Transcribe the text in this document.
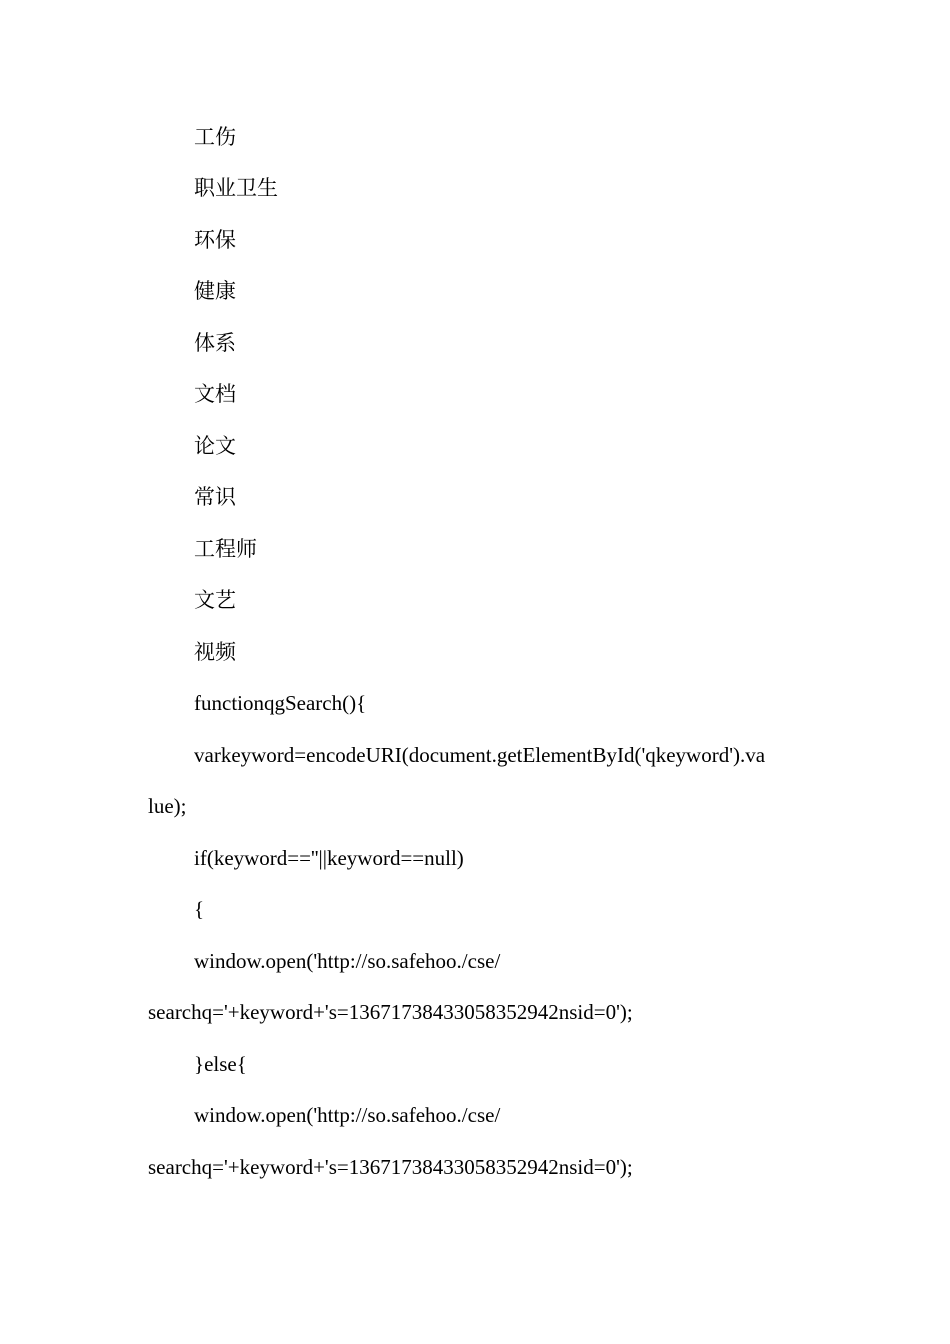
工伤
职业卫生
环保
健康
体系
文档
论文
常识
工程师
文艺
视频
functionqgSearch(){
varkeyword=encodeURI(document.getElementById('qkeyword').va
lue);
if(keyword==''||keyword==null)
{
window.open('http://so.safehoo./cse/
searchq='+keyword+'s=13671738433058352942nsid=0');
}else{
window.open('http://so.safehoo./cse/
searchq='+keyword+'s=13671738433058352942nsid=0');
